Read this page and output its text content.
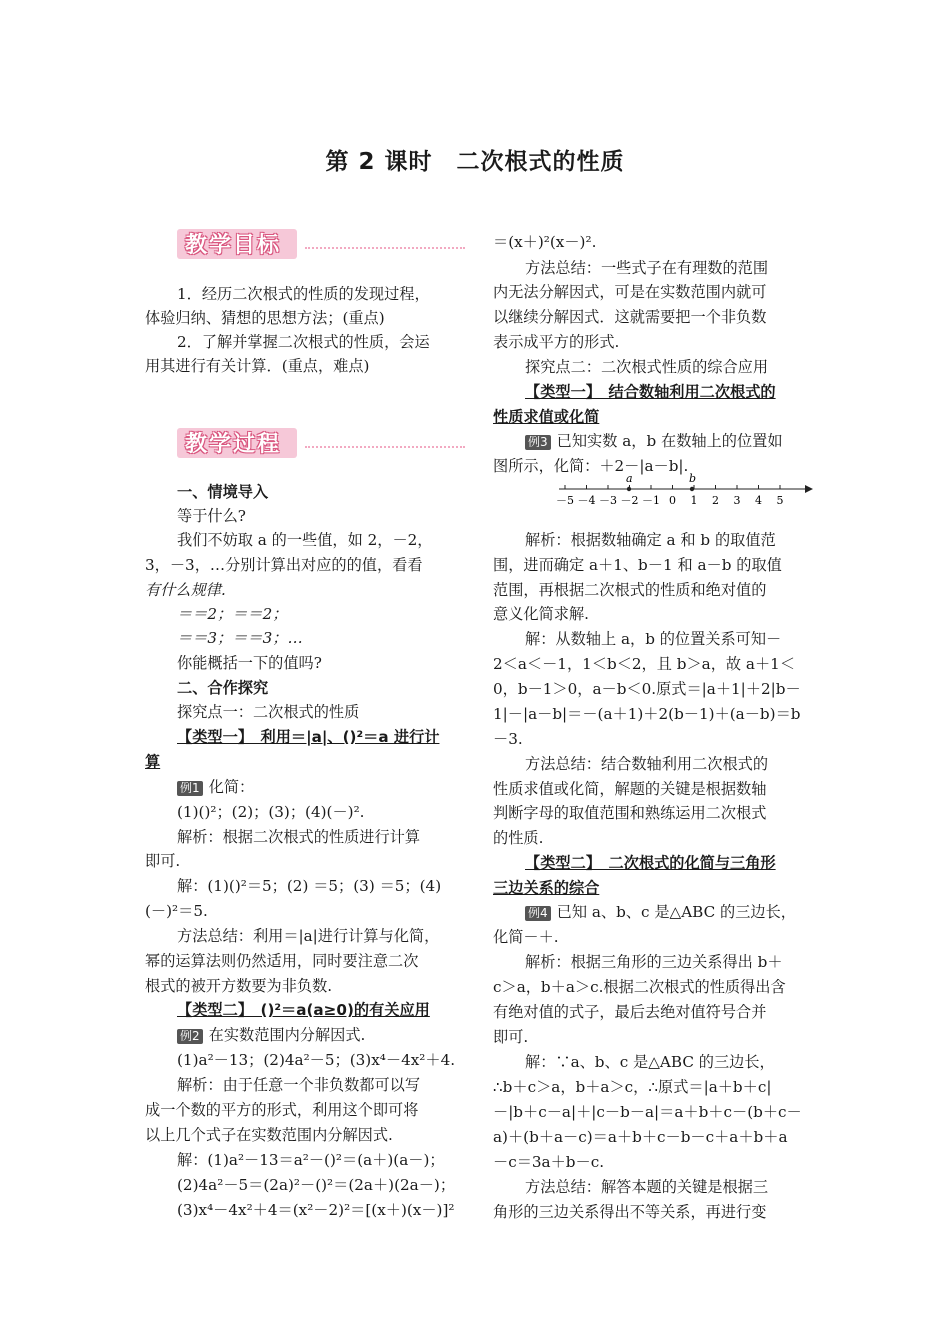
第 2 课时　二次根式的性质
教学目标
1．经历二次根式的性质的发现过程，
体验归纳、猜想的思想方法；(重点)
2．了解并掌握二次根式的性质，会运
用其进行有关计算．(重点，难点)
教学过程
一、情境导入
等于什么?
我们不妨取 a 的一些值，如 2，－2，
3，－3，…分别计算出对应的的值，看看
有什么规律.
＝＝2；＝＝2；
＝＝3；＝＝3；…
你能概括一下的值吗?
二、合作探究
探究点一：二次根式的性质
【类型一】　利用＝|a|、()²＝a 进行计
算
例1 化简：
(1)()²；(2)；(3)；(4)(－)².
解析：根据二次根式的性质进行计算
即可.
解：(1)()²＝5；(2) ＝5；(3) ＝5；(4)
(－)²＝5.
方法总结：利用＝|a|进行计算与化简，
幂的运算法则仍然适用，同时要注意二次
根式的被开方数要为非负数.
【类型二】　()²＝a(a≥0)的有关应用
例2 在实数范围内分解因式.
(1)a²－13；(2)4a²－5；(3)x⁴－4x²＋4.
解析：由于任意一个非负数都可以写
成一个数的平方的形式，利用这个即可将
以上几个式子在实数范围内分解因式.
解：(1)a²－13＝a²－()²＝(a＋)(a－)；
(2)4a²－5＝(2a)²－()²＝(2a＋)(2a－)；
(3)x⁴－4x²＋4＝(x²－2)²＝[(x＋)(x－)]²
＝(x＋)²(x－)².
方法总结：一些式子在有理数的范围
内无法分解因式，可是在实数范围内就可
以继续分解因式．这就需要把一个非负数
表示成平方的形式.
探究点二：二次根式性质的综合应用
【类型一】　结合数轴利用二次根式的
性质求值或化简
例3 已知实数 a，b 在数轴上的位置如
图所示，化简：＋2－|a－b|.
－5 －4 －3 －2 －1 0 1 2 3 4 5
a	b
解析：根据数轴确定 a 和 b 的取值范
围，进而确定 a＋1、b－1 和 a－b 的取值
范围，再根据二次根式的性质和绝对值的
意义化简求解.
解：从数轴上 a，b 的位置关系可知－
2＜a＜－1，1＜b＜2，且 b＞a，故 a＋1＜
0，b－1＞0，a－b＜0.原式＝|a＋1|＋2|b－
1|－|a－b|＝－(a＋1)＋2(b－1)＋(a－b)＝b
－3.
方法总结：结合数轴利用二次根式的
性质求值或化简，解题的关键是根据数轴
判断字母的取值范围和熟练运用二次根式
的性质.
【类型二】　二次根式的化简与三角形
三边关系的综合
例4 已知 a、b、c 是△ABC 的三边长，
化简－＋.
解析：根据三角形的三边关系得出 b＋
c＞a，b＋a＞c.根据二次根式的性质得出含
有绝对值的式子，最后去绝对值符号合并
即可.
解：∵a、b、c 是△ABC 的三边长，
∴b＋c＞a，b＋a＞c，∴原式＝|a＋b＋c|
－|b＋c－a|＋|c－b－a|＝a＋b＋c－(b＋c－
a)＋(b＋a－c)＝a＋b＋c－b－c＋a＋b＋a
－c＝3a＋b－c.
方法总结：解答本题的关键是根据三
角形的三边关系得出不等关系，再进行变
